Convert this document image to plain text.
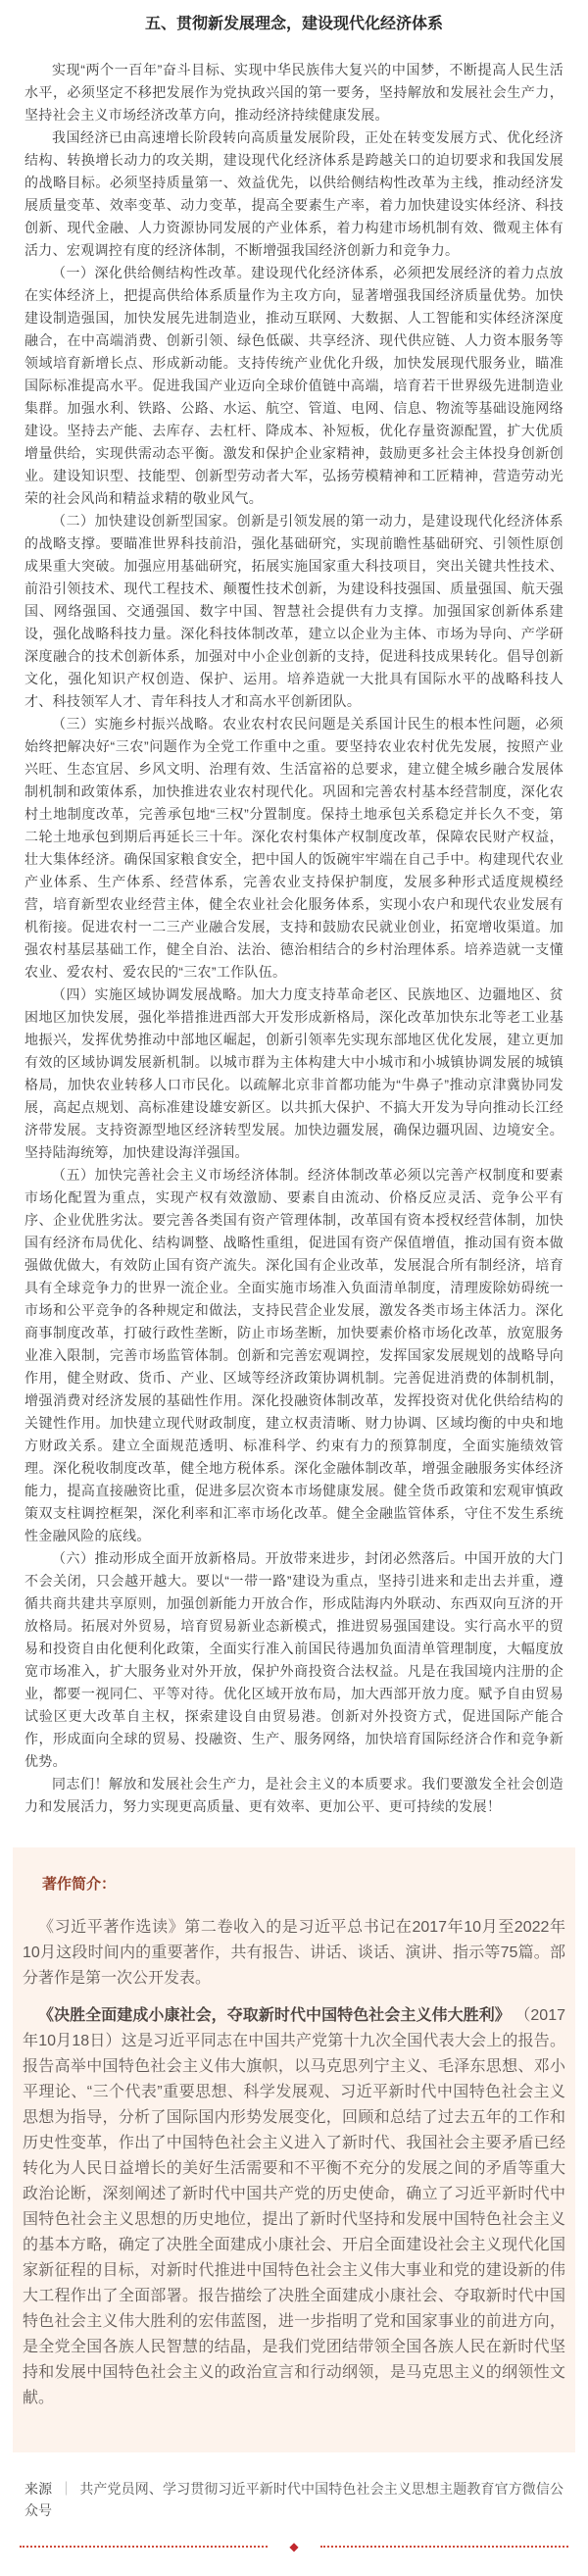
五、贯彻新发展理念，建设现代化经济体系

实现“两个一百年”奋斗目标、实现中华民族伟大复兴的中国梦，不断提高人民生活水平，必须坚定不移把发展作为党执政兴国的第一要务，坚持解放和发展社会生产力，坚持社会主义市场经济改革方向，推动经济持续健康发展。

我国经济已由高速增长阶段转向高质量发展阶段，正处在转变发展方式、优化经济结构、转换增长动力的攻关期，建设现代化经济体系是跨越关口的迫切要求和我国发展的战略目标。必须坚持质量第一、效益优先，以供给侧结构性改革为主线，推动经济发展质量变革、效率变革、动力变革，提高全要素生产率，着力加快建设实体经济、科技创新、现代金融、人力资源协同发展的产业体系，着力构建市场机制有效、微观主体有活力、宏观调控有度的经济体制，不断增强我国经济创新力和竞争力。

（一）深化供给侧结构性改革。建设现代化经济体系，必须把发展经济的着力点放在实体经济上，把提高供给体系质量作为主攻方向，显著增强我国经济质量优势。加快建设制造强国，加快发展先进制造业，推动互联网、大数据、人工智能和实体经济深度融合，在中高端消费、创新引领、绿色低碳、共享经济、现代供应链、人力资本服务等领域培育新增长点、形成新动能。支持传统产业优化升级，加快发展现代服务业，瞄准国际标准提高水平。促进我国产业迈向全球价值链中高端，培育若干世界级先进制造业集群。加强水利、铁路、公路、水运、航空、管道、电网、信息、物流等基础设施网络建设。坚持去产能、去库存、去杠杆、降成本、补短板，优化存量资源配置，扩大优质增量供给，实现供需动态平衡。激发和保护企业家精神，鼓励更多社会主体投身创新创业。建设知识型、技能型、创新型劳动者大军，弘扬劳模精神和工匠精神，营造劳动光荣的社会风尚和精益求精的敬业风气。

（二）加快建设创新型国家。创新是引领发展的第一动力，是建设现代化经济体系的战略支撑。要瞄准世界科技前沿，强化基础研究，实现前瞻性基础研究、引领性原创成果重大突破。加强应用基础研究，拓展实施国家重大科技项目，突出关键共性技术、前沿引领技术、现代工程技术、颠覆性技术创新，为建设科技强国、质量强国、航天强国、网络强国、交通强国、数字中国、智慧社会提供有力支撑。加强国家创新体系建设，强化战略科技力量。深化科技体制改革，建立以企业为主体、市场为导向、产学研深度融合的技术创新体系，加强对中小企业创新的支持，促进科技成果转化。倡导创新文化，强化知识产权创造、保护、运用。培养造就一大批具有国际水平的战略科技人才、科技领军人才、青年科技人才和高水平创新团队。

（三）实施乡村振兴战略。农业农村农民问题是关系国计民生的根本性问题，必须始终把解决好“三农”问题作为全党工作重中之重。要坚持农业农村优先发展，按照产业兴旺、生态宜居、乡风文明、治理有效、生活富裕的总要求，建立健全城乡融合发展体制机制和政策体系，加快推进农业农村现代化。巩固和完善农村基本经营制度，深化农村土地制度改革，完善承包地“三权”分置制度。保持土地承包关系稳定并长久不变，第二轮土地承包到期后再延长三十年。深化农村集体产权制度改革，保障农民财产权益，壮大集体经济。确保国家粮食安全，把中国人的饭碗牢牢端在自己手中。构建现代农业产业体系、生产体系、经营体系，完善农业支持保护制度，发展多种形式适度规模经营，培育新型农业经营主体，健全农业社会化服务体系，实现小农户和现代农业发展有机衔接。促进农村一二三产业融合发展，支持和鼓励农民就业创业，拓宽增收渠道。加强农村基层基础工作，健全自治、法治、德治相结合的乡村治理体系。培养造就一支懂农业、爱农村、爱农民的“三农”工作队伍。

（四）实施区域协调发展战略。加大力度支持革命老区、民族地区、边疆地区、贫困地区加快发展，强化举措推进西部大开发形成新格局，深化改革加快东北等老工业基地振兴，发挥优势推动中部地区崛起，创新引领率先实现东部地区优化发展，建立更加有效的区域协调发展新机制。以城市群为主体构建大中小城市和小城镇协调发展的城镇格局，加快农业转移人口市民化。以疏解北京非首都功能为“牛鼻子”推动京津冀协同发展，高起点规划、高标准建设雄安新区。以共抓大保护、不搞大开发为导向推动长江经济带发展。支持资源型地区经济转型发展。加快边疆发展，确保边疆巩固、边境安全。坚持陆海统筹，加快建设海洋强国。

（五）加快完善社会主义市场经济体制。经济体制改革必须以完善产权制度和要素市场化配置为重点，实现产权有效激励、要素自由流动、价格反应灵活、竞争公平有序、企业优胜劣汰。要完善各类国有资产管理体制，改革国有资本授权经营体制，加快国有经济布局优化、结构调整、战略性重组，促进国有资产保值增值，推动国有资本做强做优做大，有效防止国有资产流失。深化国有企业改革，发展混合所有制经济，培育具有全球竞争力的世界一流企业。全面实施市场准入负面清单制度，清理废除妨碍统一市场和公平竞争的各种规定和做法，支持民营企业发展，激发各类市场主体活力。深化商事制度改革，打破行政性垄断，防止市场垄断，加快要素价格市场化改革，放宽服务业准入限制，完善市场监管体制。创新和完善宏观调控，发挥国家发展规划的战略导向作用，健全财政、货币、产业、区域等经济政策协调机制。完善促进消费的体制机制，增强消费对经济发展的基础性作用。深化投融资体制改革，发挥投资对优化供给结构的关键性作用。加快建立现代财政制度，建立权责清晰、财力协调、区域均衡的中央和地方财政关系。建立全面规范透明、标准科学、约束有力的预算制度，全面实施绩效管理。深化税收制度改革，健全地方税体系。深化金融体制改革，增强金融服务实体经济能力，提高直接融资比重，促进多层次资本市场健康发展。健全货币政策和宏观审慎政策双支柱调控框架，深化利率和汇率市场化改革。健全金融监管体系，守住不发生系统性金融风险的底线。

（六）推动形成全面开放新格局。开放带来进步，封闭必然落后。中国开放的大门不会关闭，只会越开越大。要以“一带一路”建设为重点，坚持引进来和走出去并重，遵循共商共建共享原则，加强创新能力开放合作，形成陆海内外联动、东西双向互济的开放格局。拓展对外贸易，培育贸易新业态新模式，推进贸易强国建设。实行高水平的贸易和投资自由化便利化政策，全面实行准入前国民待遇加负面清单管理制度，大幅度放宽市场准入，扩大服务业对外开放，保护外商投资合法权益。凡是在我国境内注册的企业，都要一视同仁、平等对待。优化区域开放布局，加大西部开放力度。赋予自由贸易试验区更大改革自主权，探索建设自由贸易港。创新对外投资方式，促进国际产能合作，形成面向全球的贸易、投融资、生产、服务网络，加快培育国际经济合作和竞争新优势。

同志们！解放和发展社会生产力，是社会主义的本质要求。我们要激发全社会创造力和发展活力，努力实现更高质量、更有效率、更加公平、更可持续的发展！

著作简介：

《习近平著作选读》第二卷收入的是习近平总书记在2017年10月至2022年10月这段时间内的重要著作，共有报告、讲话、谈话、演讲、指示等75篇。部分著作是第一次公开发表。

《决胜全面建成小康社会，夺取新时代中国特色社会主义伟大胜利》 （2017年10月18日）这是习近平同志在中国共产党第十九次全国代表大会上的报告。报告高举中国特色社会主义伟大旗帜，以马克思列宁主义、毛泽东思想、邓小平理论、“三个代表”重要思想、科学发展观、习近平新时代中国特色社会主义思想为指导，分析了国际国内形势发展变化，回顾和总结了过去五年的工作和历史性变革，作出了中国特色社会主义进入了新时代、我国社会主要矛盾已经转化为人民日益增长的美好生活需要和不平衡不充分的发展之间的矛盾等重大政治论断，深刻阐述了新时代中国共产党的历史使命，确立了习近平新时代中国特色社会主义思想的历史地位，提出了新时代坚持和发展中国特色社会主义的基本方略，确定了决胜全面建成小康社会、开启全面建设社会主义现代化国家新征程的目标，对新时代推进中国特色社会主义伟大事业和党的建设新的伟大工程作出了全面部署。报告描绘了决胜全面建成小康社会、夺取新时代中国特色社会主义伟大胜利的宏伟蓝图，进一步指明了党和国家事业的前进方向，是全党全国各族人民智慧的结晶，是我们党团结带领全国各族人民在新时代坚持和发展中国特色社会主义的政治宣言和行动纲领，是马克思主义的纲领性文献。

来源 ｜ 共产党员网、学习贯彻习近平新时代中国特色社会主义思想主题教育官方微信公众号

◆
